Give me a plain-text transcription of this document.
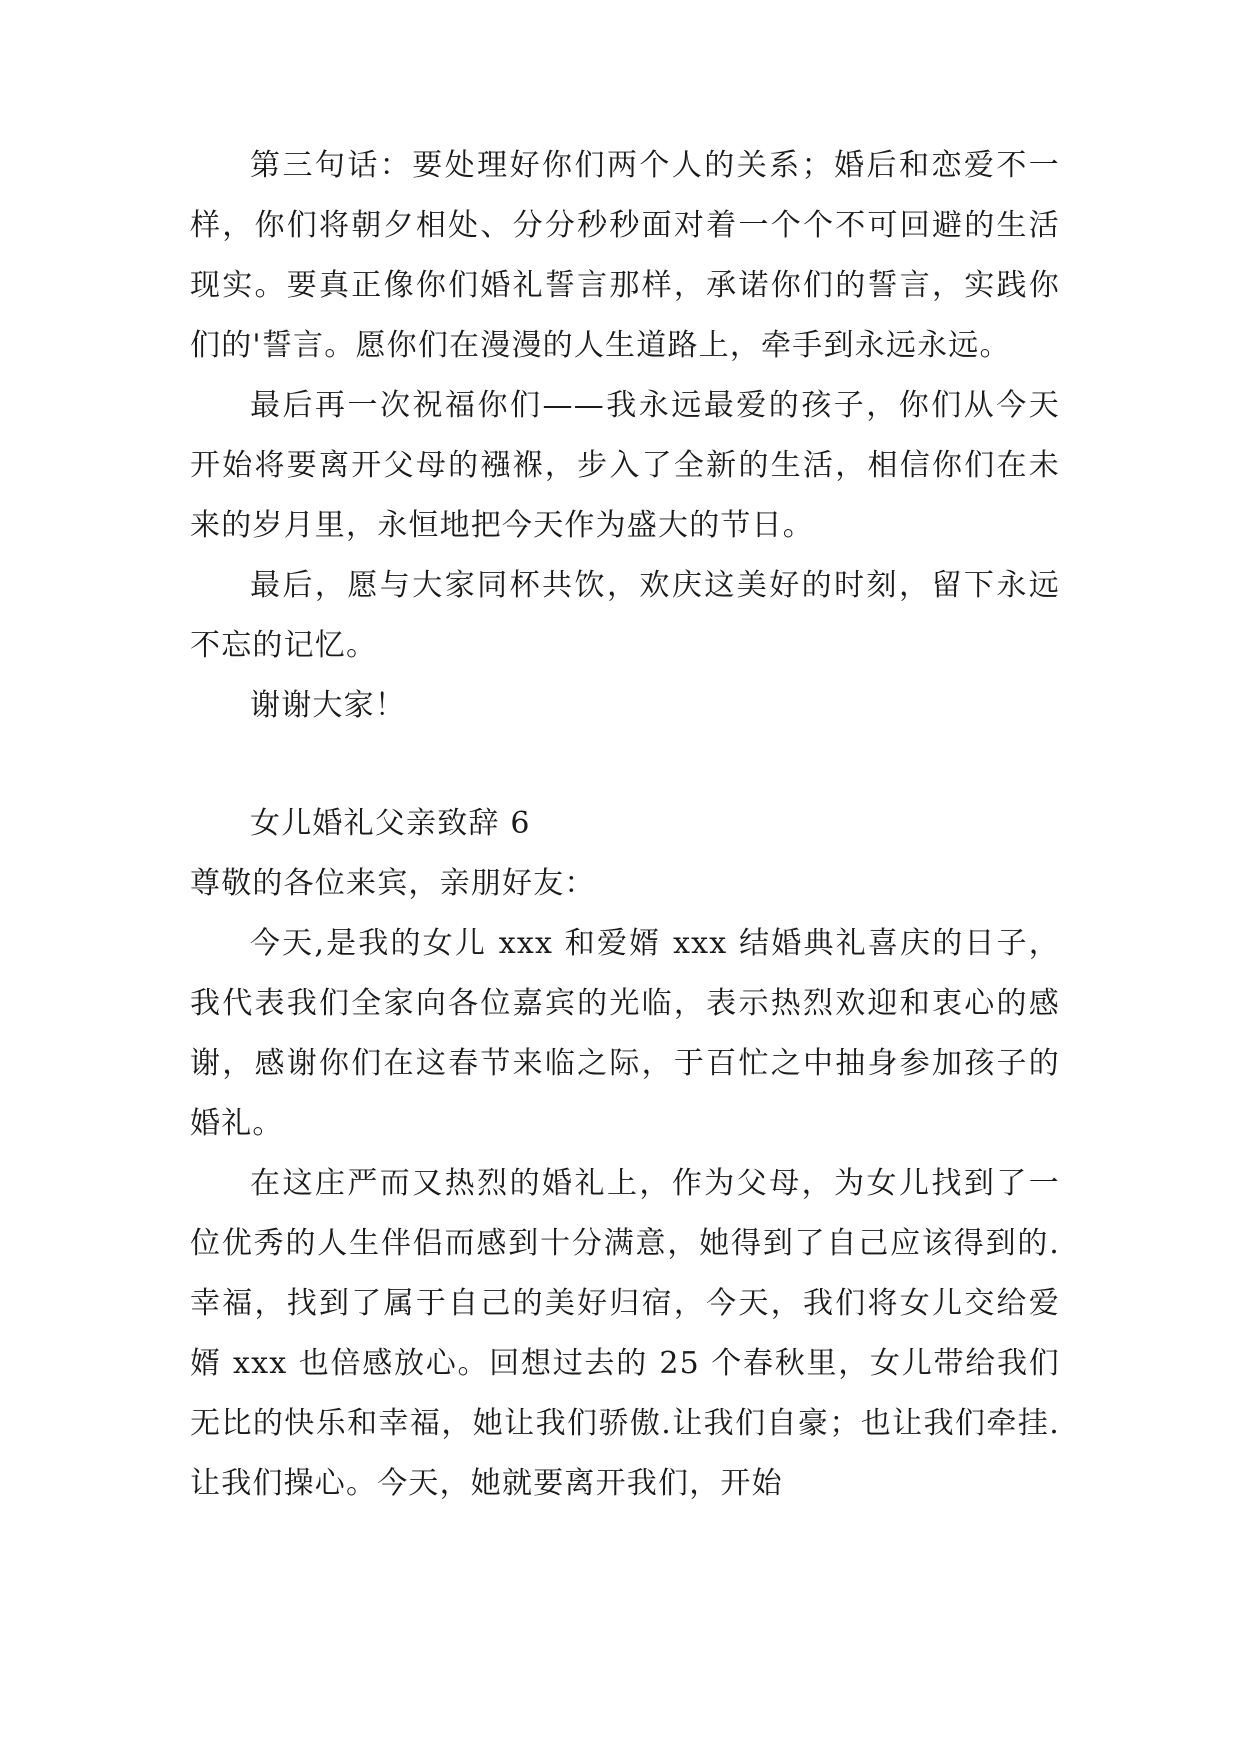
第三句话：要处理好你们两个人的关系；婚后和恋爱不一样，你们将朝夕相处、分分秒秒面对着一个个不可回避的生活现实。要真正像你们婚礼誓言那样，承诺你们的誓言，实践你们的'誓言。愿你们在漫漫的人生道路上，牵手到永远永远。

最后再一次祝福你们——我永远最爱的孩子，你们从今天开始将要离开父母的襁褓，步入了全新的生活，相信你们在未来的岁月里，永恒地把今天作为盛大的节日。

最后，愿与大家同杯共饮，欢庆这美好的时刻，留下永远不忘的记忆。

谢谢大家！

女儿婚礼父亲致辞 6

尊敬的各位来宾，亲朋好友：

今天,是我的女儿 xxx 和爱婿 xxx 结婚典礼喜庆的日子，我代表我们全家向各位嘉宾的光临，表示热烈欢迎和衷心的感谢，感谢你们在这春节来临之际，于百忙之中抽身参加孩子的婚礼。

在这庄严而又热烈的婚礼上，作为父母，为女儿找到了一位优秀的人生伴侣而感到十分满意，她得到了自己应该得到的.幸福，找到了属于自己的美好归宿，今天，我们将女儿交给爱婿 xxx 也倍感放心。回想过去的 25 个春秋里，女儿带给我们无比的快乐和幸福，她让我们骄傲.让我们自豪；也让我们牵挂.让我们操心。今天，她就要离开我们，开始
